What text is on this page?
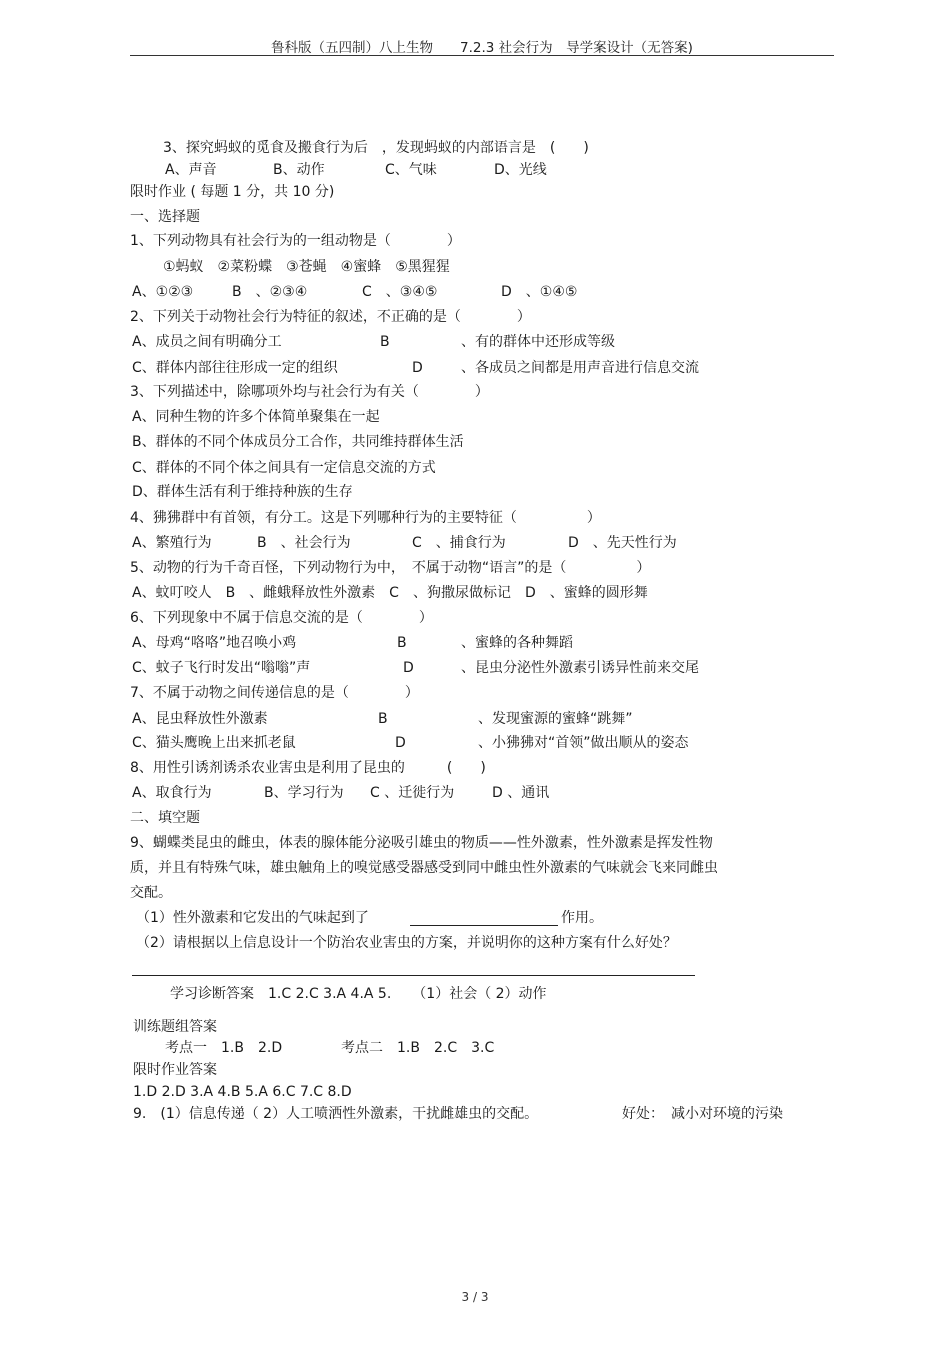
鲁科版（五四制）八上生物　　7.2.3 社会行为　导学案设计（无答案)
3、探究蚂蚁的觅食及搬食行为后　，发现蚂蚁的内部语言是　(　　)
A、声音	B、动作	C、气味	D、光线
限时作业 ( 每题 1 分，共 10 分)
一、选择题
1、下列动物具有社会行为的一组动物是（　　　　）
①蚂蚁　②菜粉蝶　③苍蝇　④蜜蜂　⑤黑猩猩
A、①②③	B　、②③④	C　、③④⑤	D　、①④⑤
2、下列关于动物社会行为特征的叙述，不正确的是（　　　　）
A、成员之间有明确分工	B	、有的群体中还形成等级
C、群体内部往往形成一定的组织	D	、各成员之间都是用声音进行信息交流
3、下列描述中，除哪项外均与社会行为有关（　　　　）
A、同种生物的许多个体简单聚集在一起
B、群体的不同个体成员分工合作，共同维持群体生活
C、群体的不同个体之间具有一定信息交流的方式
D、群体生活有利于维持种族的生存
4、狒狒群中有首领，有分工。这是下列哪种行为的主要特征（　　　　　）
A、繁殖行为	B　、社会行为	C　、捕食行为	D　、先天性行为
5、动物的行为千奇百怪，下列动物行为中，　不属于动物“语言”的是（　　　　　）
A、蚊叮咬人　B　、雌蛾释放性外激素　C　、狗撒尿做标记　D　、蜜蜂的圆形舞
6、下列现象中不属于信息交流的是（　　　　）
A、母鸡“咯咯”地召唤小鸡	B	、蜜蜂的各种舞蹈
C、蚊子飞行时发出“嗡嗡”声	D	、昆虫分泌性外激素引诱异性前来交尾
7、不属于动物之间传递信息的是（　　　　）
A、昆虫释放性外激素	B	、发现蜜源的蜜蜂“跳舞”
C、猫头鹰晚上出来抓老鼠	D	、小狒狒对“首领”做出顺从的姿态
8、用性引诱剂诱杀农业害虫是利用了昆虫的　　　(　　)
A、取食行为	B、学习行为 C 、迁徙行为	D 、通讯
二、填空题
9、蝴蝶类昆虫的雌虫，体表的腺体能分泌吸引雄虫的物质——性外激素，性外激素是挥发性物
质，并且有特殊气味，雄虫触角上的嗅觉感受器感受到同中雌虫性外激素的气味就会飞来同雌虫
交配。
（1）性外激素和它发出的气味起到了	作用。
（2）请根据以上信息设计一个防治农业害虫的方案，并说明你的这种方案有什么好处？
学习诊断答案　1.C 2.C 3.A 4.A 5.　　（1）社会（ 2）动作
训练题组答案
考点一　1.B　2.D	考点二　1.B　2.C　3.C
限时作业答案
1.D 2.D 3.A 4.B 5.A 6.C 7.C 8.D
9.　(1）信息传递（ 2）人工喷洒性外激素，干扰雌雄虫的交配。	好处：　减小对环境的污染
3 / 3
